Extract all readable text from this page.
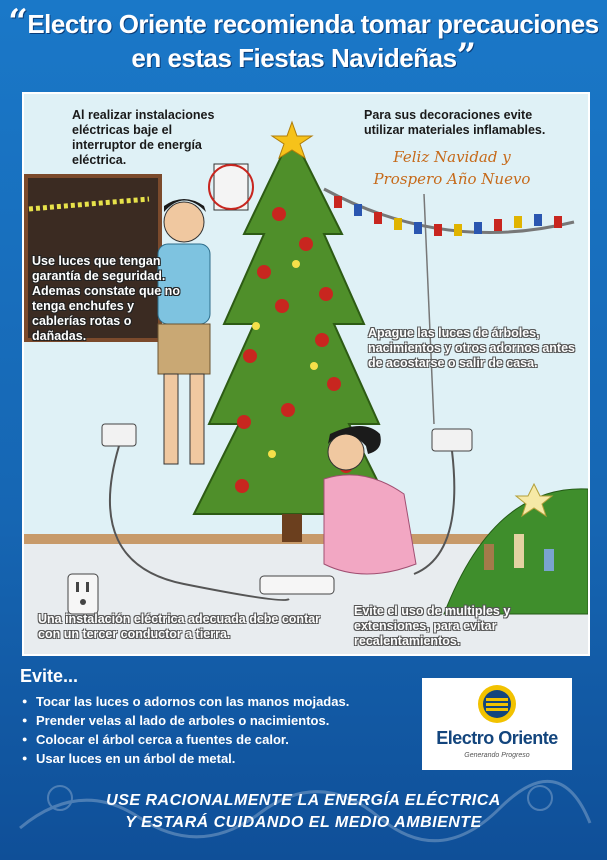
“Electro Oriente recomienda tomar precauciones
en estas Fiestas Navideñas”
Al realizar instalaciones eléctricas baje el interruptor de energía eléctrica.
Para sus decoraciones evite utilizar materiales inflamables.
Feliz Navidad y
Prospero Año Nuevo
Use luces que tengan garantía de seguridad. Ademas constate que no tenga enchufes y cablerías rotas o dañadas.	Apague las luces de árboles, nacimientos y otros adornos antes de acostarse o salir de casa.
Una instalación eléctrica adecuada debe contar con un tercer conductor a tierra.
Evite el uso de multiples y extensiones, para evitar recalentamientos.
Evite...
● Tocar las luces o adornos con las manos mojadas.
● Prender velas al lado de arboles o nacimientos.
● Colocar el árbol cerca a fuentes de calor.
● Usar luces en un árbol de metal.
Electro Oriente
Generando Progreso
USE RACIONALMENTE LA ENERGÍA ELÉCTRICA
Y ESTARÁ CUIDANDO EL MEDIO AMBIENTE
